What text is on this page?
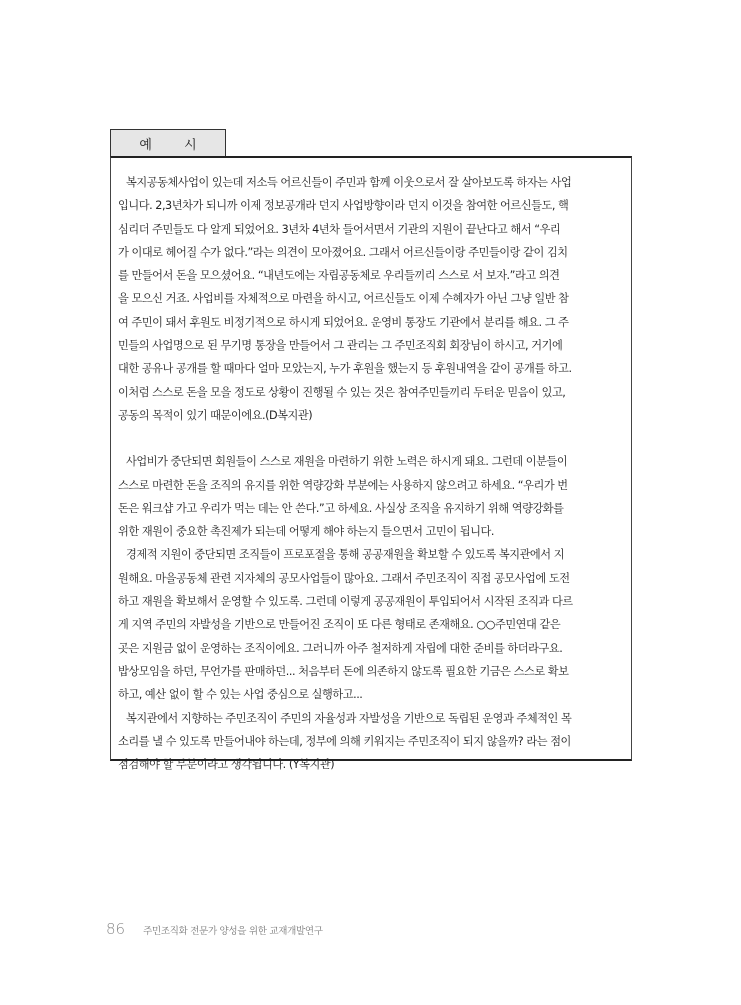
예 시

복지공동체사업이 있는데 저소득 어르신들이 주민과 함께 이웃으로서 잘 살아보도록 하자는 사업
입니다. 2,3년차가 되니까 이제 정보공개라 던지 사업방향이라 던지 이것을 참여한 어르신들도, 핵
심리더 주민들도 다 알게 되었어요. 3년차 4년차 들어서면서 기관의 지원이 끝난다고 해서 “우리
가 이대로 헤어질 수가 없다.”라는 의견이 모아졌어요. 그래서 어르신들이랑 주민들이랑 같이 김치
를 만들어서 돈을 모으셨어요. “내년도에는 자립공동체로 우리들끼리 스스로 서 보자.”라고 의견
을 모으신 거죠. 사업비를 자체적으로 마련을 하시고, 어르신들도 이제 수혜자가 아닌 그냥 일반 참
여 주민이 돼서 후원도 비정기적으로 하시게 되었어요. 운영비 통장도 기관에서 분리를 해요. 그 주
민들의 사업명으로 된 무기명 통장을 만들어서 그 관리는 그 주민조직회 회장님이 하시고, 거기에
대한 공유나 공개를 할 때마다 얼마 모았는지, 누가 후원을 했는지 등 후원내역을 같이 공개를 하고.
이처럼 스스로 돈을 모을 정도로 상황이 진행될 수 있는 것은 참여주민들끼리 두터운 믿음이 있고,
공동의 목적이 있기 때문이에요.(D복지관)

사업비가 중단되면 회원들이 스스로 재원을 마련하기 위한 노력은 하시게 돼요. 그런데 이분들이
스스로 마련한 돈을 조직의 유지를 위한 역량강화 부분에는 사용하지 않으려고 하세요. “우리가 번
돈은 워크샵 가고 우리가 먹는 데는 안 쓴다.”고 하세요. 사실상 조직을 유지하기 위해 역량강화를
위한 재원이 중요한 촉진제가 되는데 어떻게 해야 하는지 들으면서 고민이 됩니다.

경제적 지원이 중단되면 조직들이 프로포절을 통해 공공재원을 확보할 수 있도록 복지관에서 지
원해요. 마을공동체 관련 지자체의 공모사업들이 많아요. 그래서 주민조직이 직접 공모사업에 도전
하고 재원을 확보해서 운영할 수 있도록. 그런데 이렇게 공공재원이 투입되어서 시작된 조직과 다르
게 지역 주민의 자발성을 기반으로 만들어진 조직이 또 다른 형태로 존재해요. ○○주민연대 같은
곳은 지원금 없이 운영하는 조직이에요. 그러니까 아주 철저하게 자립에 대한 준비를 하더라구요.
밥상모임을 하던, 무언가를 판매하던... 처음부터 돈에 의존하지 않도록 필요한 기금은 스스로 확보
하고, 예산 없이 할 수 있는 사업 중심으로 실행하고...

복지관에서 지향하는 주민조직이 주민의 자율성과 자발성을 기반으로 독립된 운영과 주체적인 목
소리를 낼 수 있도록 만들어내야 하는데, 정부에 의해 키워지는 주민조직이 되지 않을까? 라는 점이
점검해야 할 부분이라고 생각됩니다. (Y복지관)

86 주민조직화 전문가 양성을 위한 교재개발연구
